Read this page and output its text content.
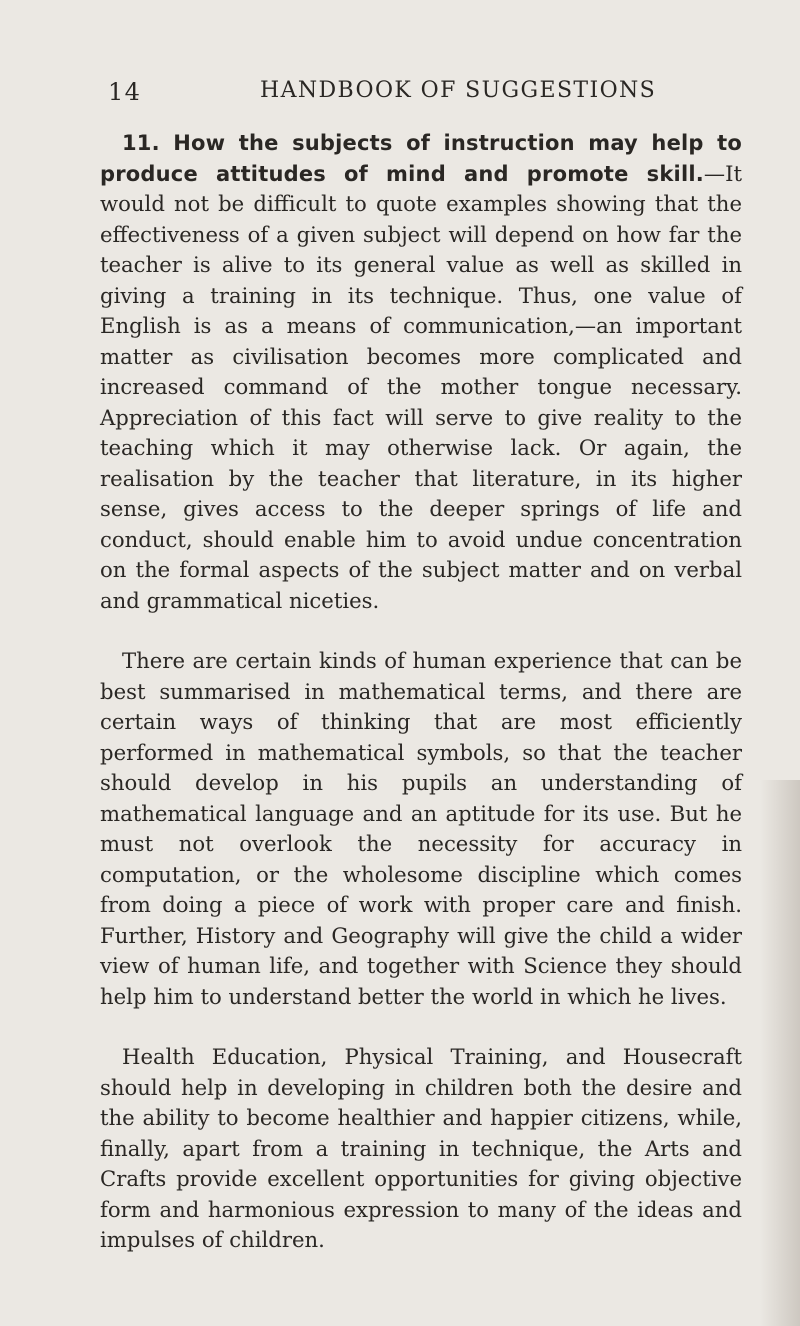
14	HANDBOOK OF SUGGESTIONS

11. How the subjects of instruction may help to produce attitudes of mind and promote skill.—It would not be difficult to quote examples showing that the effectiveness of a given subject will depend on how far the teacher is alive to its general value as well as skilled in giving a training in its technique. Thus, one value of English is as a means of communication,—an important matter as civilisation becomes more complicated and increased command of the mother tongue necessary. Appreciation of this fact will serve to give reality to the teaching which it may otherwise lack. Or again, the realisation by the teacher that literature, in its higher sense, gives access to the deeper springs of life and conduct, should enable him to avoid undue concentration on the formal aspects of the subject matter and on verbal and grammatical niceties.

There are certain kinds of human experience that can be best summarised in mathematical terms, and there are certain ways of thinking that are most efficiently performed in mathematical symbols, so that the teacher should develop in his pupils an understanding of mathematical language and an aptitude for its use. But he must not overlook the necessity for accuracy in computation, or the wholesome discipline which comes from doing a piece of work with proper care and finish. Further, History and Geography will give the child a wider view of human life, and together with Science they should help him to understand better the world in which he lives.

Health Education, Physical Training, and Housecraft should help in developing in children both the desire and the ability to become healthier and happier citizens, while, finally, apart from a training in technique, the Arts and Crafts provide excellent opportunities for giving objective form and harmonious expression to many of the ideas and impulses of children.
